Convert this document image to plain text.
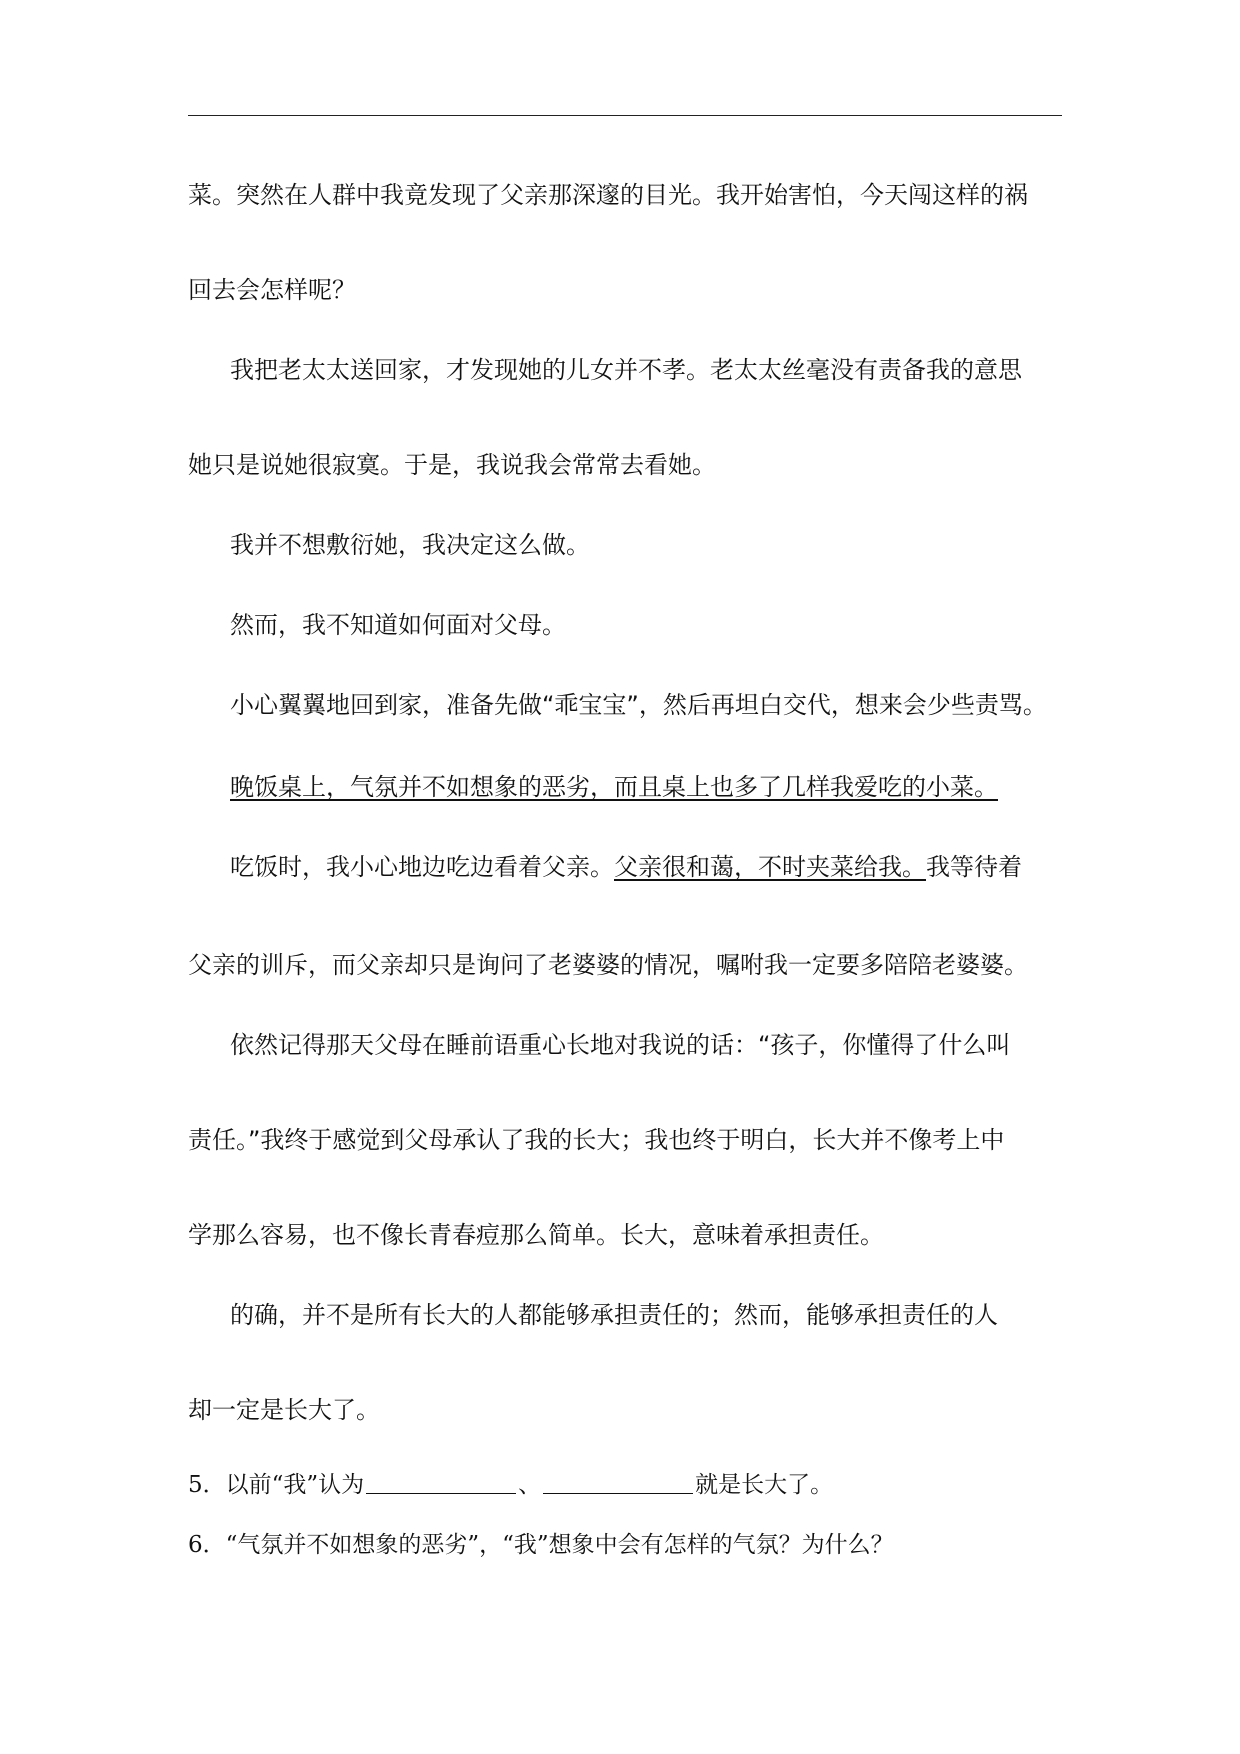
菜。突然在人群中我竟发现了父亲那深邃的目光。我开始害怕，今天闯这样的祸

回去会怎样呢？

我把老太太送回家，才发现她的儿女并不孝。老太太丝毫没有责备我的意思

她只是说她很寂寞。于是，我说我会常常去看她。

我并不想敷衍她，我决定这么做。

然而，我不知道如何面对父母。

小心翼翼地回到家，准备先做“乖宝宝”，然后再坦白交代，想来会少些责骂。

晚饭桌上，气氛并不如想象的恶劣，而且桌上也多了几样我爱吃的小菜。

吃饭时，我小心地边吃边看着父亲。父亲很和蔼，不时夹菜给我。我等待着

父亲的训斥，而父亲却只是询问了老婆婆的情况，嘱咐我一定要多陪陪老婆婆。

依然记得那天父母在睡前语重心长地对我说的话：“孩子，你懂得了什么叫

责任。”我终于感觉到父母承认了我的长大；我也终于明白，长大并不像考上中

学那么容易，也不像长青春痘那么简单。长大，意味着承担责任。

的确，并不是所有长大的人都能够承担责任的；然而，能够承担责任的人

却一定是长大了。

5．以前“我”认为	、	就是长大了。

6．“气氛并不如想象的恶劣”，“我”想象中会有怎样的气氛？为什么？
